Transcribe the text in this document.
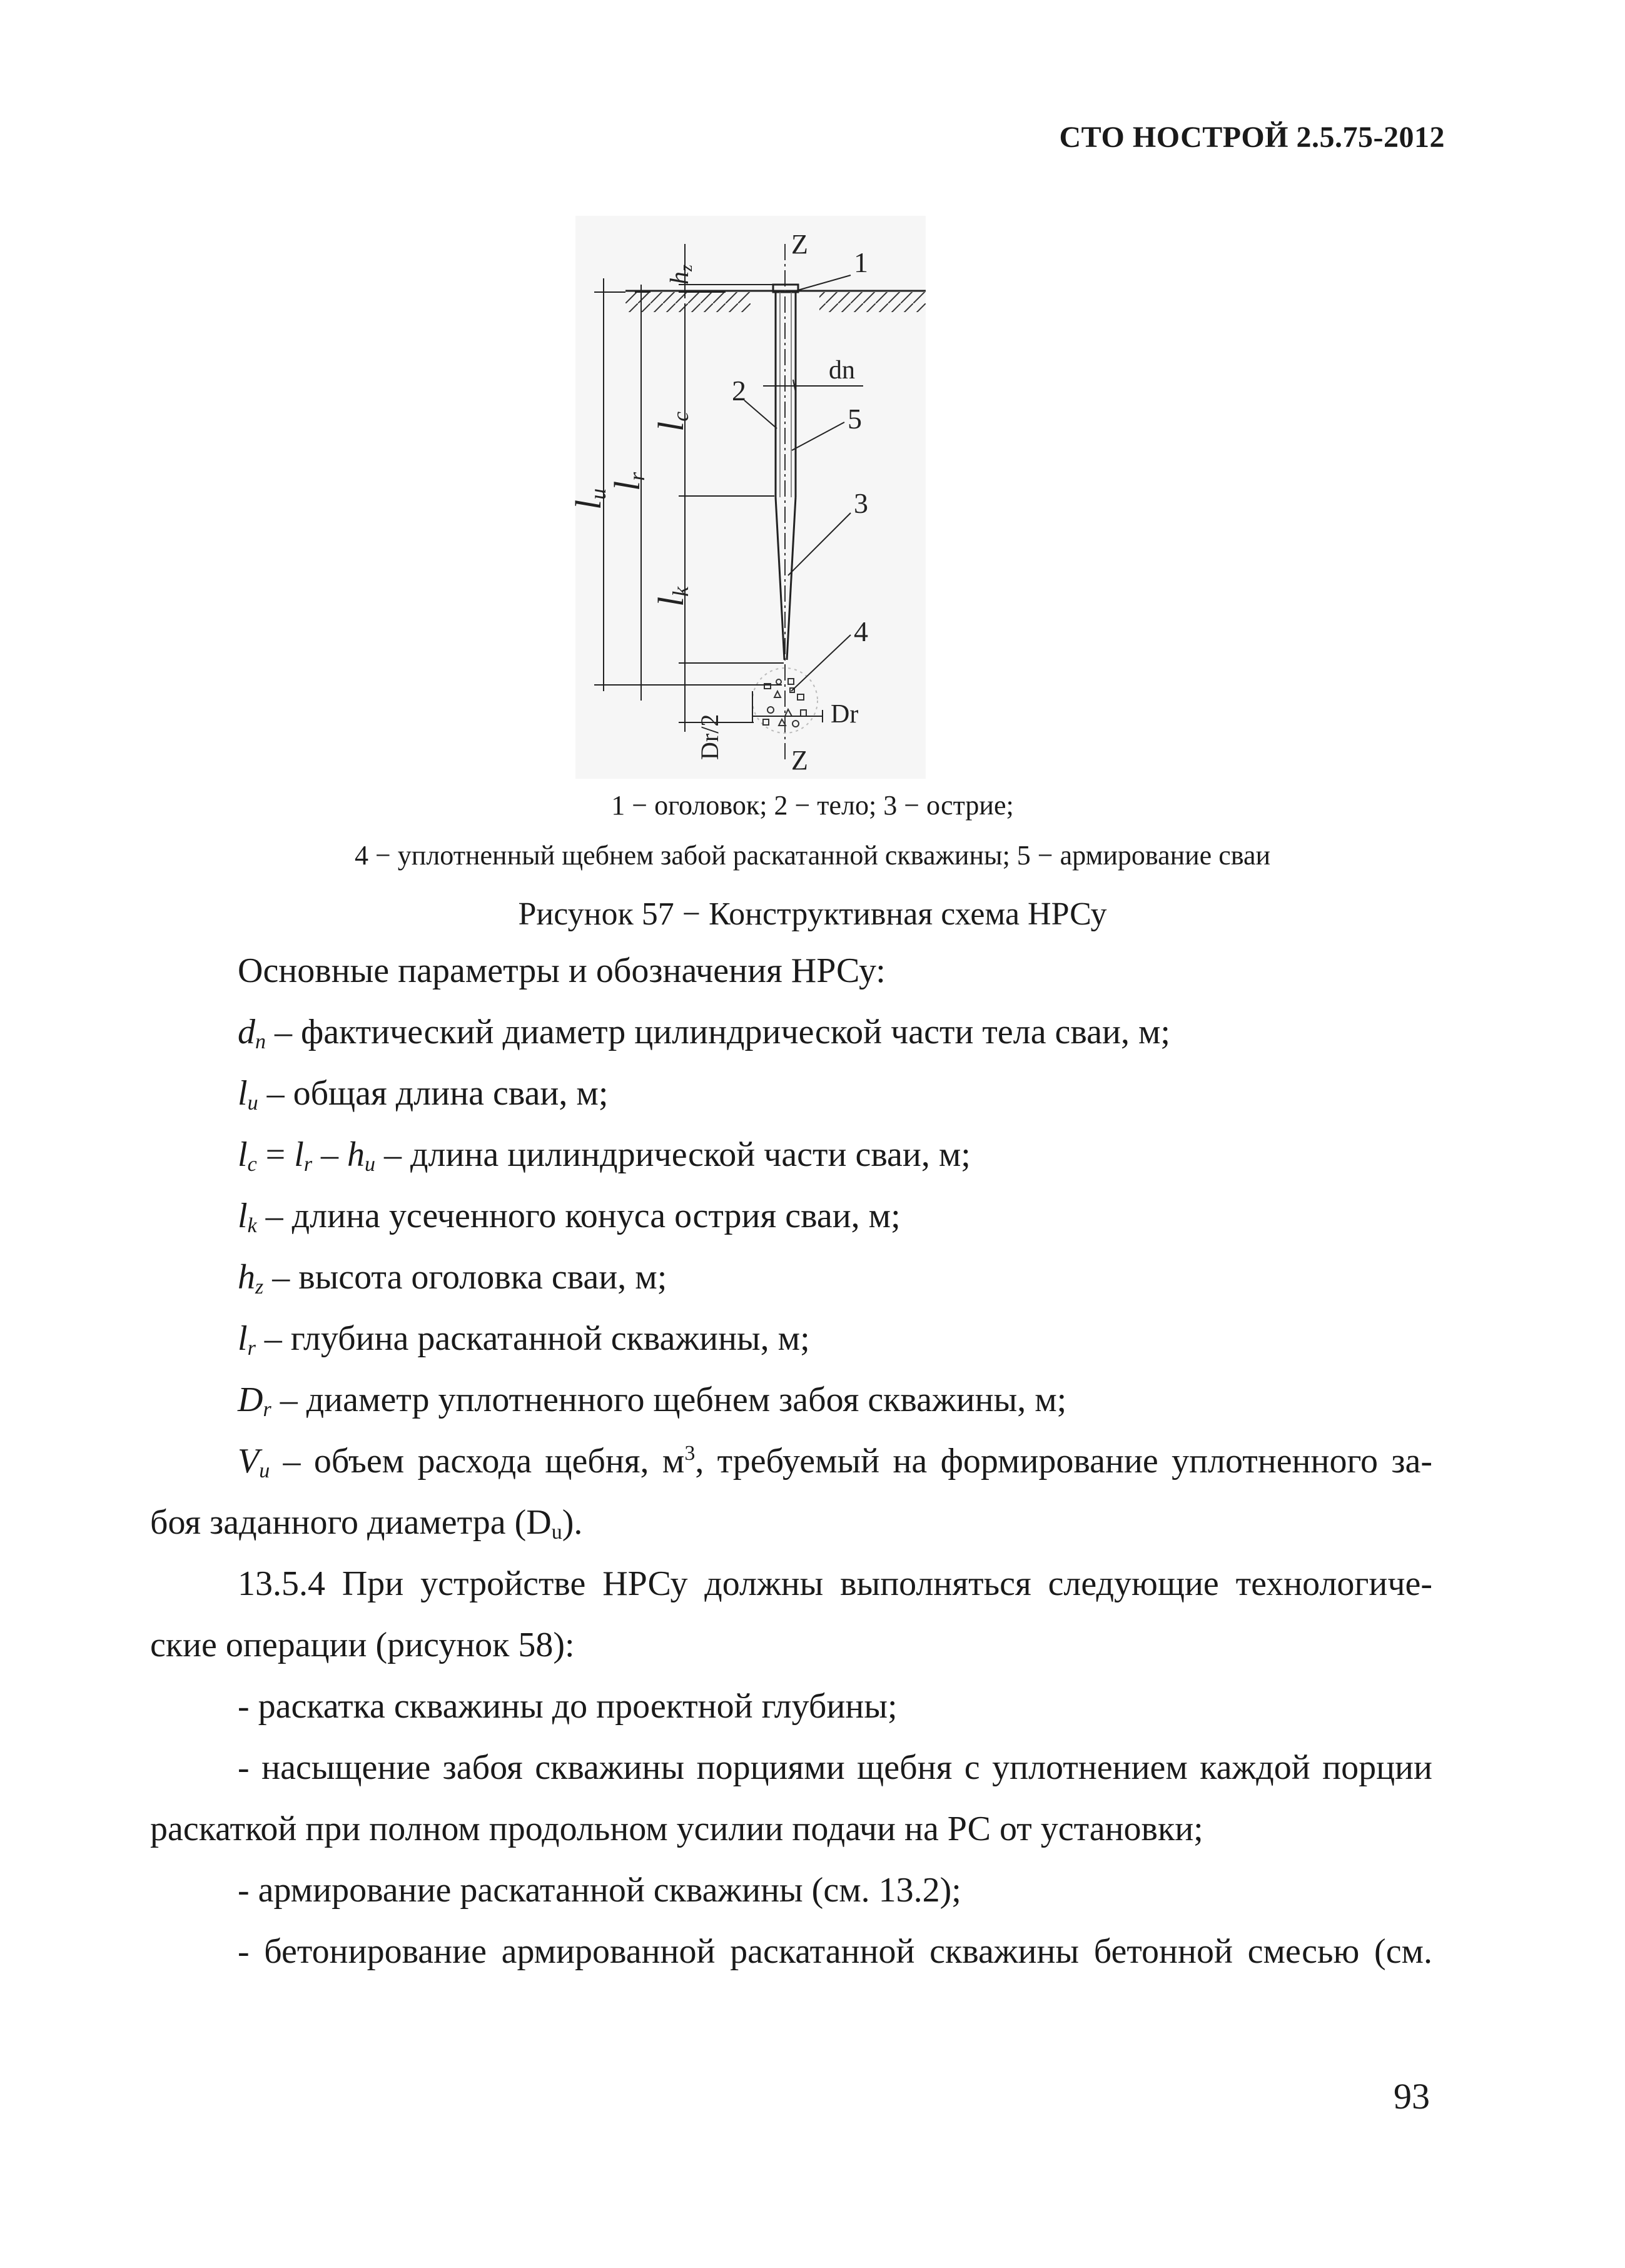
СТО НОСТРОЙ 2.5.75-2012
Z
Z
1
2
3
4
5
dn
Dr
Dr/2
hz
lu
lr
lc
lk
1 − оголовок; 2 − тело; 3 − острие;
4 − уплотненный щебнем забой раскатанной скважины; 5 − армирование сваи
Рисунок 57 − Конструктивная схема НРСу
Основные параметры и обозначения НРСу:
$d_n$ – фактический диаметр цилиндрической части тела сваи, м;
$l_u$ – общая длина сваи, м;
$l_c = l_r - h_u$ – длина цилиндрической части сваи, м;
$l_k$ – длина усеченного конуса острия сваи, м;
$h_z$ – высота оголовка сваи, м;
$l_r$ – глубина раскатанной скважины, м;
$D_r$ – диаметр уплотненного щебнем забоя скважины, м;
$V_u$ – объем расхода щебня, $м^3$, требуемый на формирование уплотненного за-
боя заданного диаметра $(D_u)$.
13.5.4 При устройстве НРСу должны выполняться следующие технологиче-
ские операции (рисунок 58):
- раскатка скважины до проектной глубины;
- насыщение забоя скважины порциями щебня с уплотнением каждой порции
раскаткой при полном продольном усилии подачи на РС от установки;
- армирование раскатанной скважины (см. 13.2);
- бетонирование армированной раскатанной скважины бетонной смесью (см.
93
